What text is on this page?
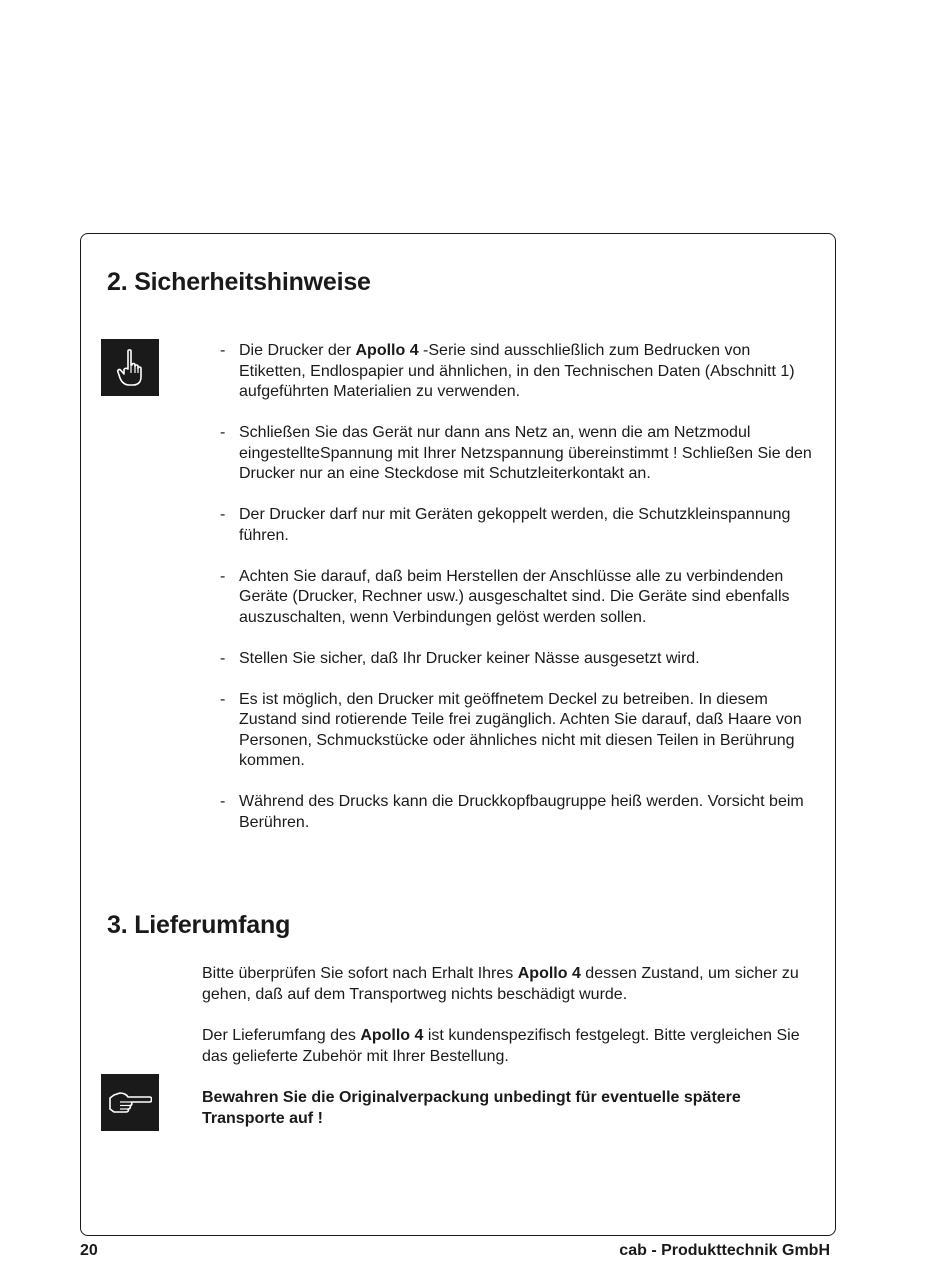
2. Sicherheitshinweise
- Die Drucker der Apollo 4 -Serie sind ausschließlich zum Bedrucken von Etiketten, Endlospapier und ähnlichen, in den Technischen Daten (Abschnitt 1) aufgeführten Materialien zu verwenden.
- Schließen Sie das Gerät nur dann ans Netz an, wenn die am Netzmodul eingestellteSpannung mit Ihrer Netzspannung übereinstimmt ! Schließen Sie den Drucker nur an eine Steckdose mit Schutzleiterkontakt an.
- Der Drucker darf nur mit Geräten gekoppelt werden, die Schutzkleinspannung führen.
- Achten Sie darauf, daß beim Herstellen der Anschlüsse alle zu verbindenden Geräte (Drucker, Rechner usw.) ausgeschaltet sind. Die Geräte sind ebenfalls auszuschalten, wenn Verbindungen gelöst werden sollen.
- Stellen Sie sicher, daß Ihr Drucker keiner Nässe ausgesetzt wird.
- Es ist möglich, den Drucker mit geöffnetem Deckel zu betreiben. In diesem Zustand sind rotierende Teile frei zugänglich. Achten Sie darauf, daß Haare von Personen, Schmuckstücke oder ähnliches nicht mit diesen Teilen in Berührung kommen.
- Während des Drucks kann die Druckkopfbaugruppe heiß werden. Vorsicht beim Berühren.
3. Lieferumfang

Bitte überprüfen Sie sofort nach Erhalt Ihres Apollo 4 dessen Zustand, um sicher zu gehen, daß auf dem Transportweg nichts beschädigt wurde.

Der Lieferumfang des Apollo 4 ist kundenspezifisch festgelegt. Bitte vergleichen Sie das gelieferte Zubehör mit Ihrer Bestellung.

Bewahren Sie die Originalverpackung unbedingt für eventuelle spätere Transporte auf !

20	cab - Produkttechnik GmbH
